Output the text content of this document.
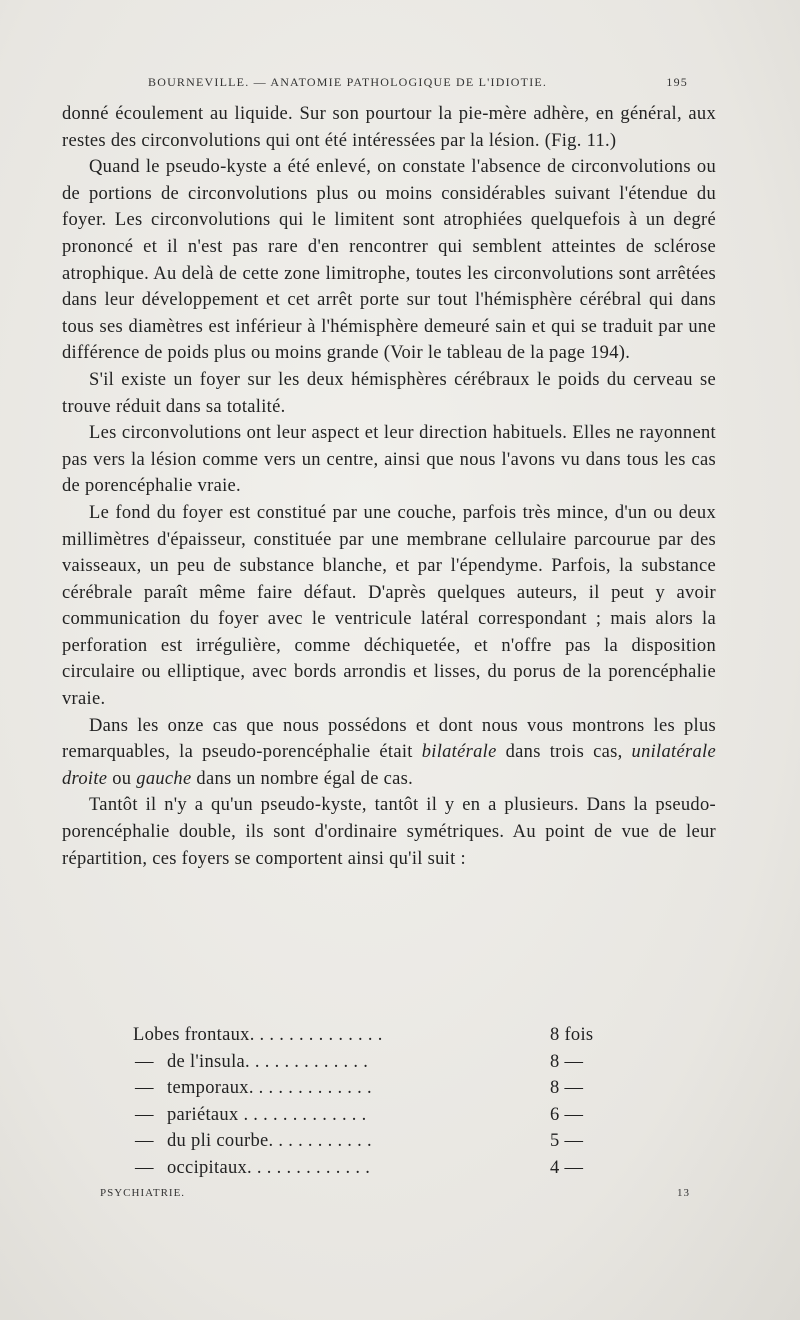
BOURNEVILLE. — ANATOMIE PATHOLOGIQUE DE L'IDIOTIE.	195

donné écoulement au liquide. Sur son pourtour la pie-mère adhère, en général, aux restes des circonvolutions qui ont été intéressées par la lésion. (Fig. 11.)

Quand le pseudo-kyste a été enlevé, on constate l'absence de circonvolutions ou de portions de circonvolutions plus ou moins considérables suivant l'étendue du foyer. Les circonvolutions qui le limitent sont atrophiées quelquefois à un degré prononcé et il n'est pas rare d'en rencontrer qui semblent atteintes de sclérose atrophique. Au delà de cette zone limitrophe, toutes les circonvolutions sont arrêtées dans leur développement et cet arrêt porte sur tout l'hémisphère cérébral qui dans tous ses diamètres est inférieur à l'hémisphère demeuré sain et qui se traduit par une différence de poids plus ou moins grande (Voir le tableau de la page 194).

S'il existe un foyer sur les deux hémisphères cérébraux le poids du cerveau se trouve réduit dans sa totalité.

Les circonvolutions ont leur aspect et leur direction habituels. Elles ne rayonnent pas vers la lésion comme vers un centre, ainsi que nous l'avons vu dans tous les cas de porencéphalie vraie.

Le fond du foyer est constitué par une couche, parfois très mince, d'un ou deux millimètres d'épaisseur, constituée par une membrane cellulaire parcourue par des vaisseaux, un peu de substance blanche, et par l'épendyme. Parfois, la substance cérébrale paraît même faire défaut. D'après quelques auteurs, il peut y avoir communication du foyer avec le ventricule latéral correspondant ; mais alors la perforation est irrégulière, comme déchiquetée, et n'offre pas la disposition circulaire ou elliptique, avec bords arrondis et lisses, du porus de la porencéphalie vraie.

Dans les onze cas que nous possédons et dont nous vous montrons les plus remarquables, la pseudo-porencéphalie était bilatérale dans trois cas, unilatérale droite ou gauche dans un nombre égal de cas.

Tantôt il n'y a qu'un pseudo-kyste, tantôt il y en a plusieurs. Dans la pseudo-porencéphalie double, ils sont d'ordinaire symétriques. Au point de vue de leur répartition, ces foyers se comportent ainsi qu'il suit :

Lobes frontaux. . . . . . . . . . . . . .	8 fois
— de l'insula. . . . . . . . . . . . .	8 —
— temporaux. . . . . . . . . . . . .	8 —
— pariétaux . . . . . . . . . . . . .	6 —
— du pli courbe. . . . . . . . . . .	5 —
— occipitaux. . . . . . . . . . . . .	4 —
PSYCHIATRIE.	13
